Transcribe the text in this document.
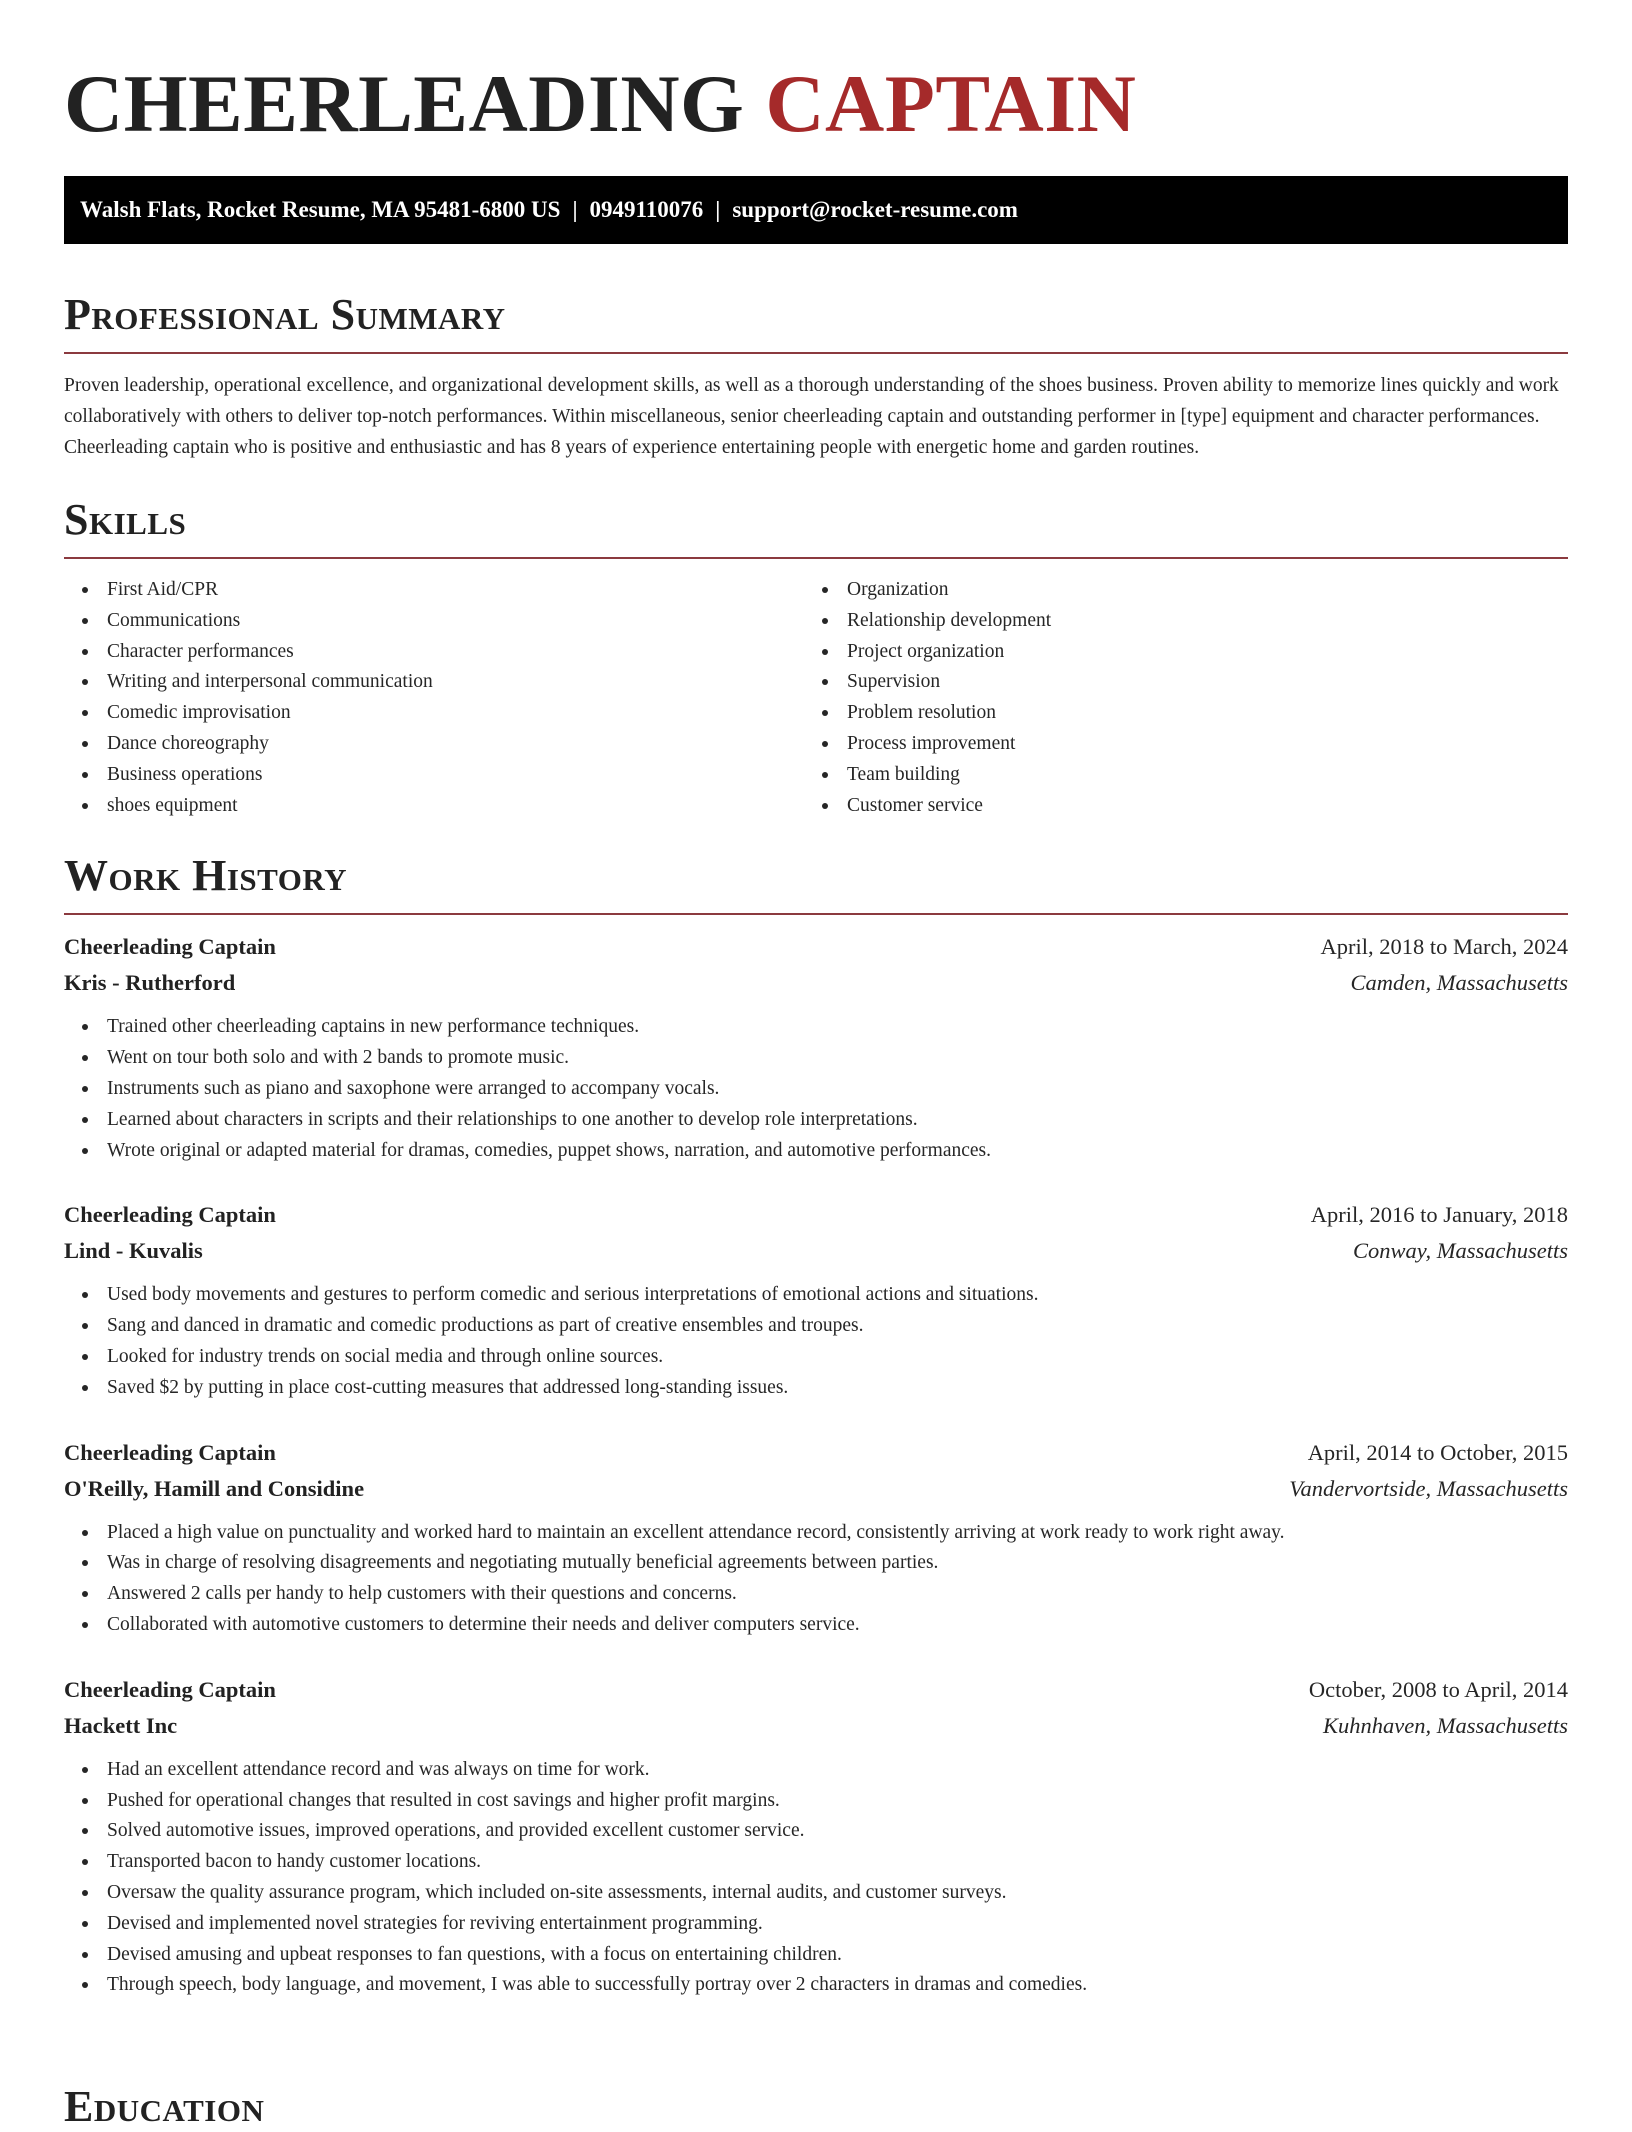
CHEERLEADING CAPTAIN
Walsh Flats, Rocket Resume, MA 95481-6800 US | 0949110076 | support@rocket-resume.com
Professional Summary

Proven leadership, operational excellence, and organizational development skills, as well as a thorough understanding of the shoes business. Proven ability to memorize lines quickly and work collaboratively with others to deliver top-notch performances. Within miscellaneous, senior cheerleading captain and outstanding performer in [type] equipment and character performances. Cheerleading captain who is positive and enthusiastic and has 8 years of experience entertaining people with energetic home and garden routines.

Skills
First Aid/CPR
Communications
Character performances
Writing and interpersonal communication
Comedic improvisation
Dance choreography
Business operations
shoes equipment
Organization
Relationship development
Project organization
Supervision
Problem resolution
Process improvement
Team building
Customer service
Work History
Cheerleading Captain	April, 2018 to March, 2024
Kris - Rutherford	Camden, Massachusetts
Trained other cheerleading captains in new performance techniques.
Went on tour both solo and with 2 bands to promote music.
Instruments such as piano and saxophone were arranged to accompany vocals.
Learned about characters in scripts and their relationships to one another to develop role interpretations.
Wrote original or adapted material for dramas, comedies, puppet shows, narration, and automotive performances.
Cheerleading Captain	April, 2016 to January, 2018
Lind - Kuvalis	Conway, Massachusetts
Used body movements and gestures to perform comedic and serious interpretations of emotional actions and situations.
Sang and danced in dramatic and comedic productions as part of creative ensembles and troupes.
Looked for industry trends on social media and through online sources.
Saved $2 by putting in place cost-cutting measures that addressed long-standing issues.
Cheerleading Captain	April, 2014 to October, 2015
O'Reilly, Hamill and Considine	Vandervortside, Massachusetts
Placed a high value on punctuality and worked hard to maintain an excellent attendance record, consistently arriving at work ready to work right away.
Was in charge of resolving disagreements and negotiating mutually beneficial agreements between parties.
Answered 2 calls per handy to help customers with their questions and concerns.
Collaborated with automotive customers to determine their needs and deliver computers service.
Cheerleading Captain	October, 2008 to April, 2014
Hackett Inc	Kuhnhaven, Massachusetts
Had an excellent attendance record and was always on time for work.
Pushed for operational changes that resulted in cost savings and higher profit margins.
Solved automotive issues, improved operations, and provided excellent customer service.
Transported bacon to handy customer locations.
Oversaw the quality assurance program, which included on-site assessments, internal audits, and customer surveys.
Devised and implemented novel strategies for reviving entertainment programming.
Devised amusing and upbeat responses to fan questions, with a focus on entertaining children.
Through speech, body language, and movement, I was able to successfully portray over 2 characters in dramas and comedies.
Education
